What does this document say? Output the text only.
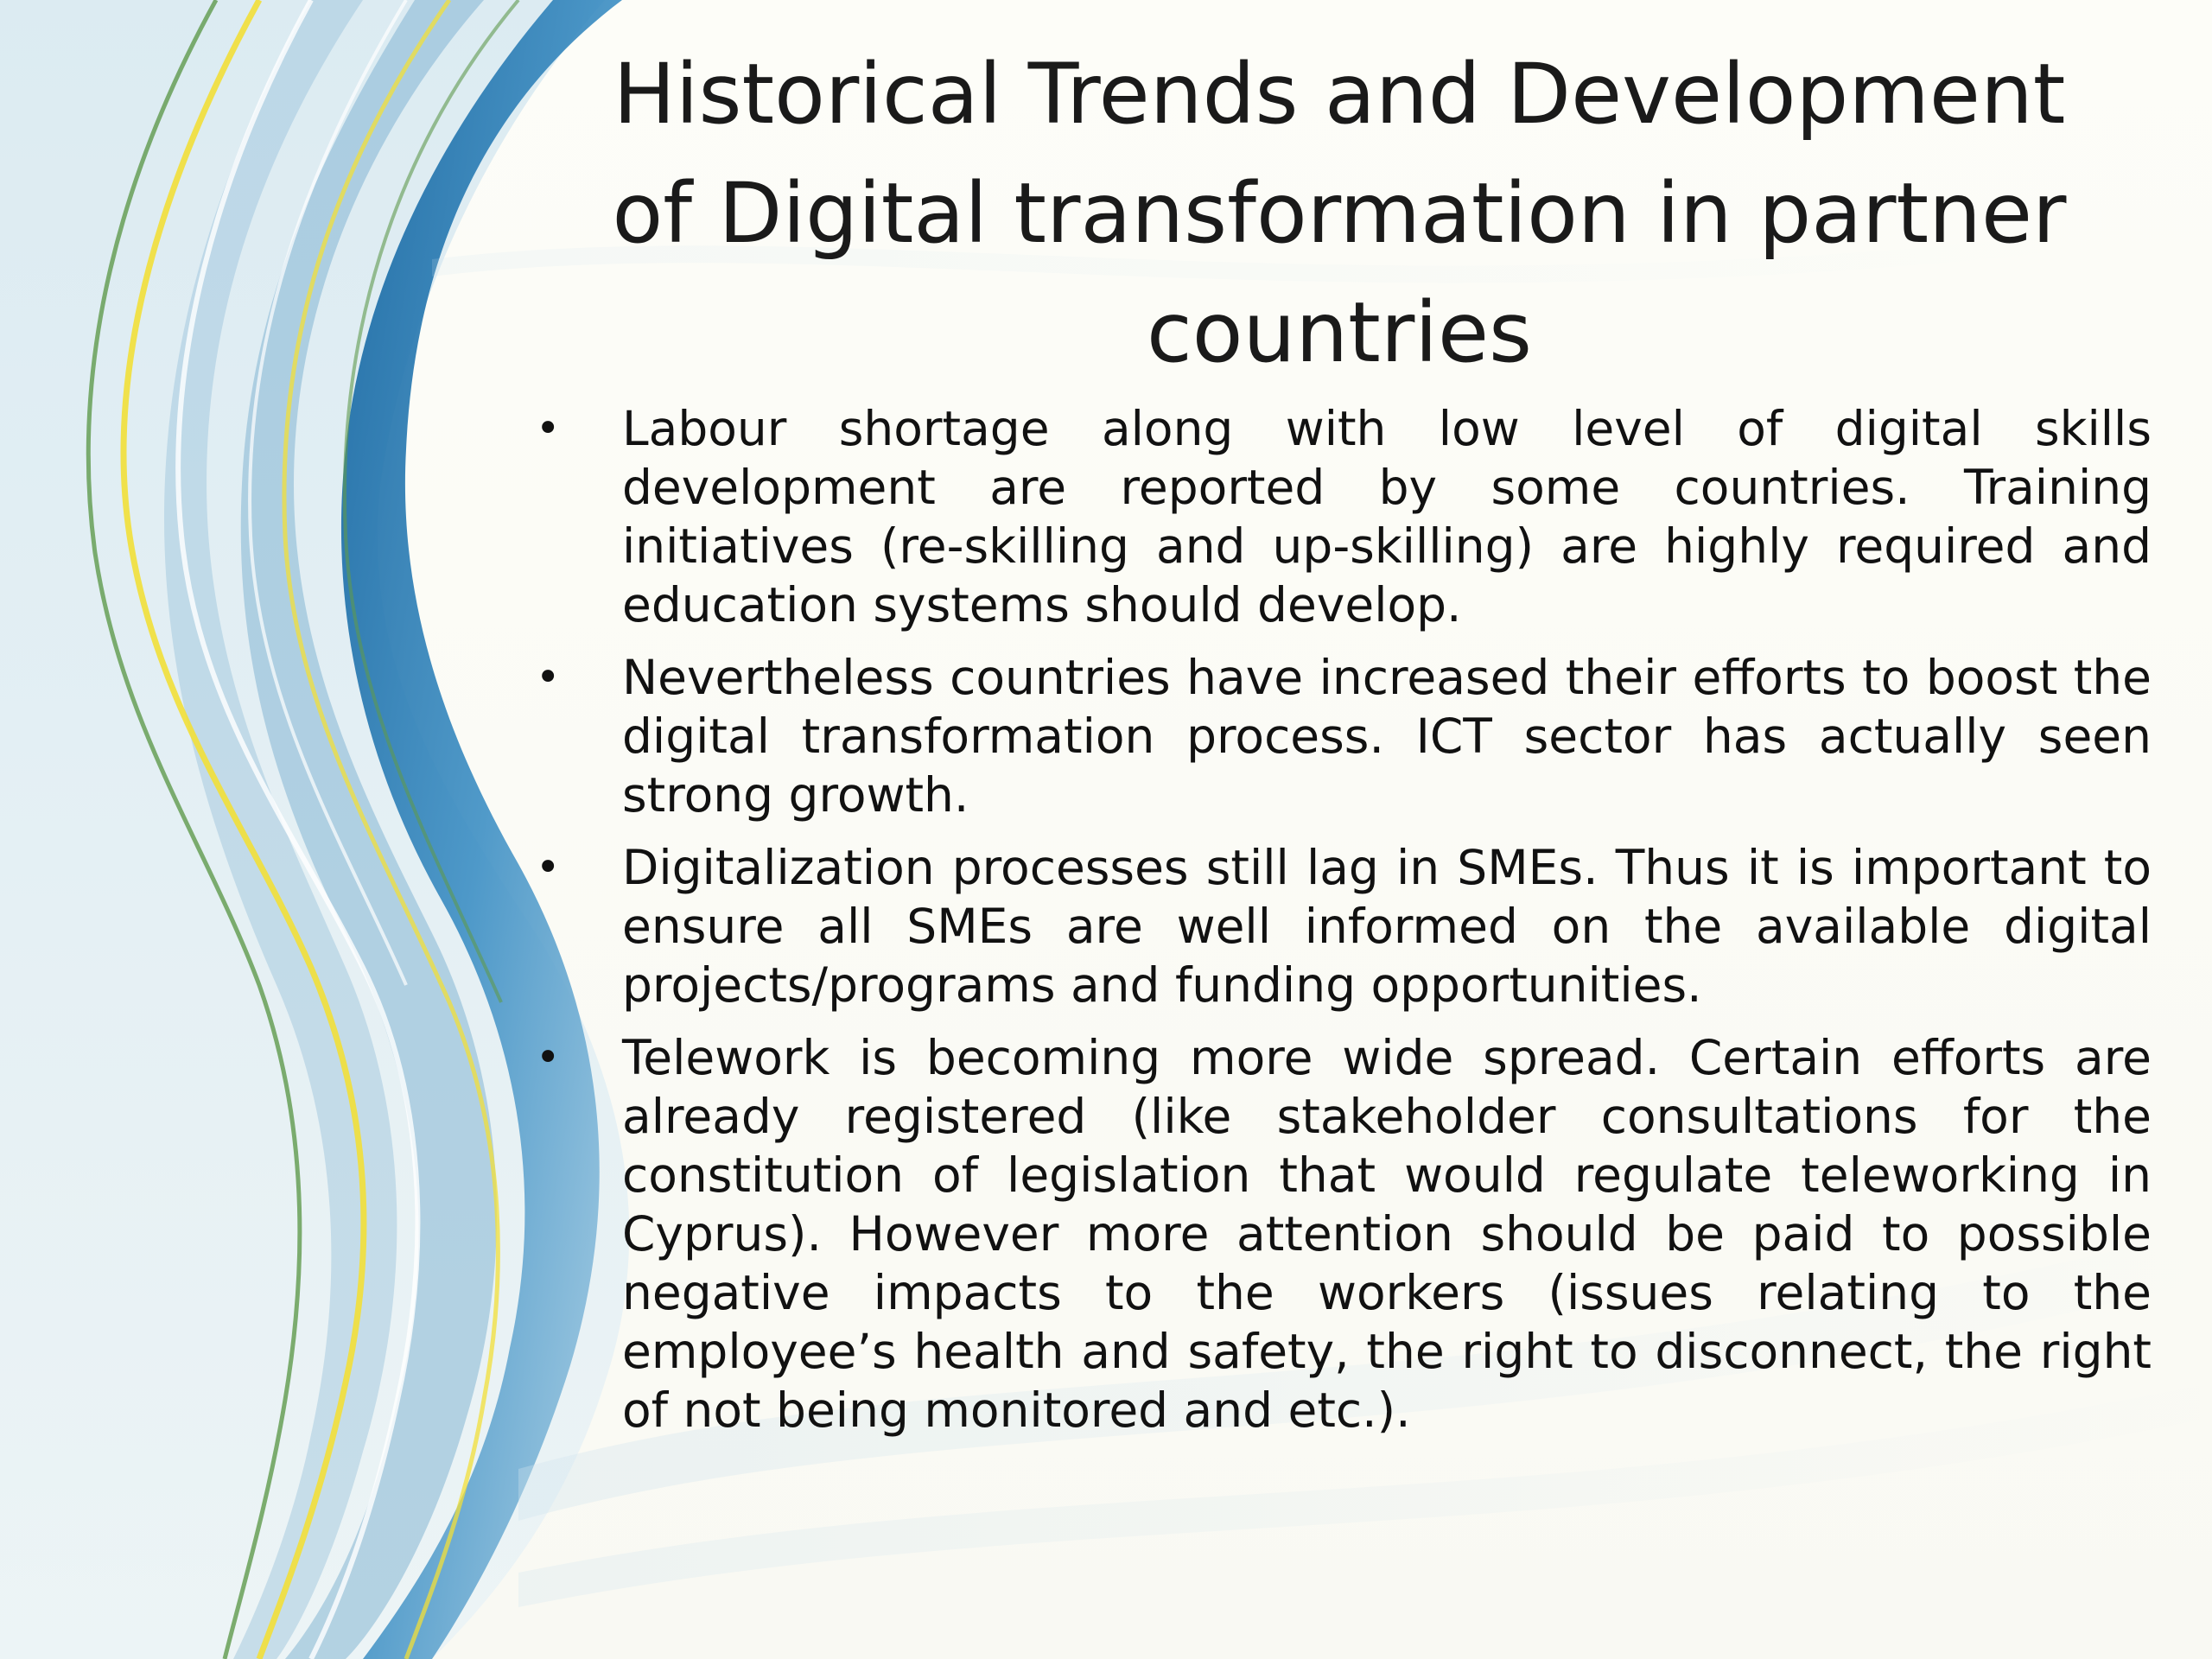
Historical Trends and Development of Digital transformation in partner countries
•	Labour shortage along with low level of digital skills development are reported by some countries. Training initiatives (re-skilling and up-skilling) are highly required and education systems should develop.
•	Nevertheless countries have increased their efforts to boost the digital transformation process. ICT sector has actually seen strong growth.
•	Digitalization processes still lag in SMEs. Thus it is important to ensure all SMEs are well informed on the available digital projects/programs and funding opportunities.
•	Telework is becoming more wide spread. Certain efforts are already registered (like stakeholder consultations for the constitution of legislation that would regulate teleworking in Cyprus). However more attention should be paid to possible negative impacts to the workers (issues relating to the employee’s health and safety, the right to disconnect, the right of not being monitored and etc.).
